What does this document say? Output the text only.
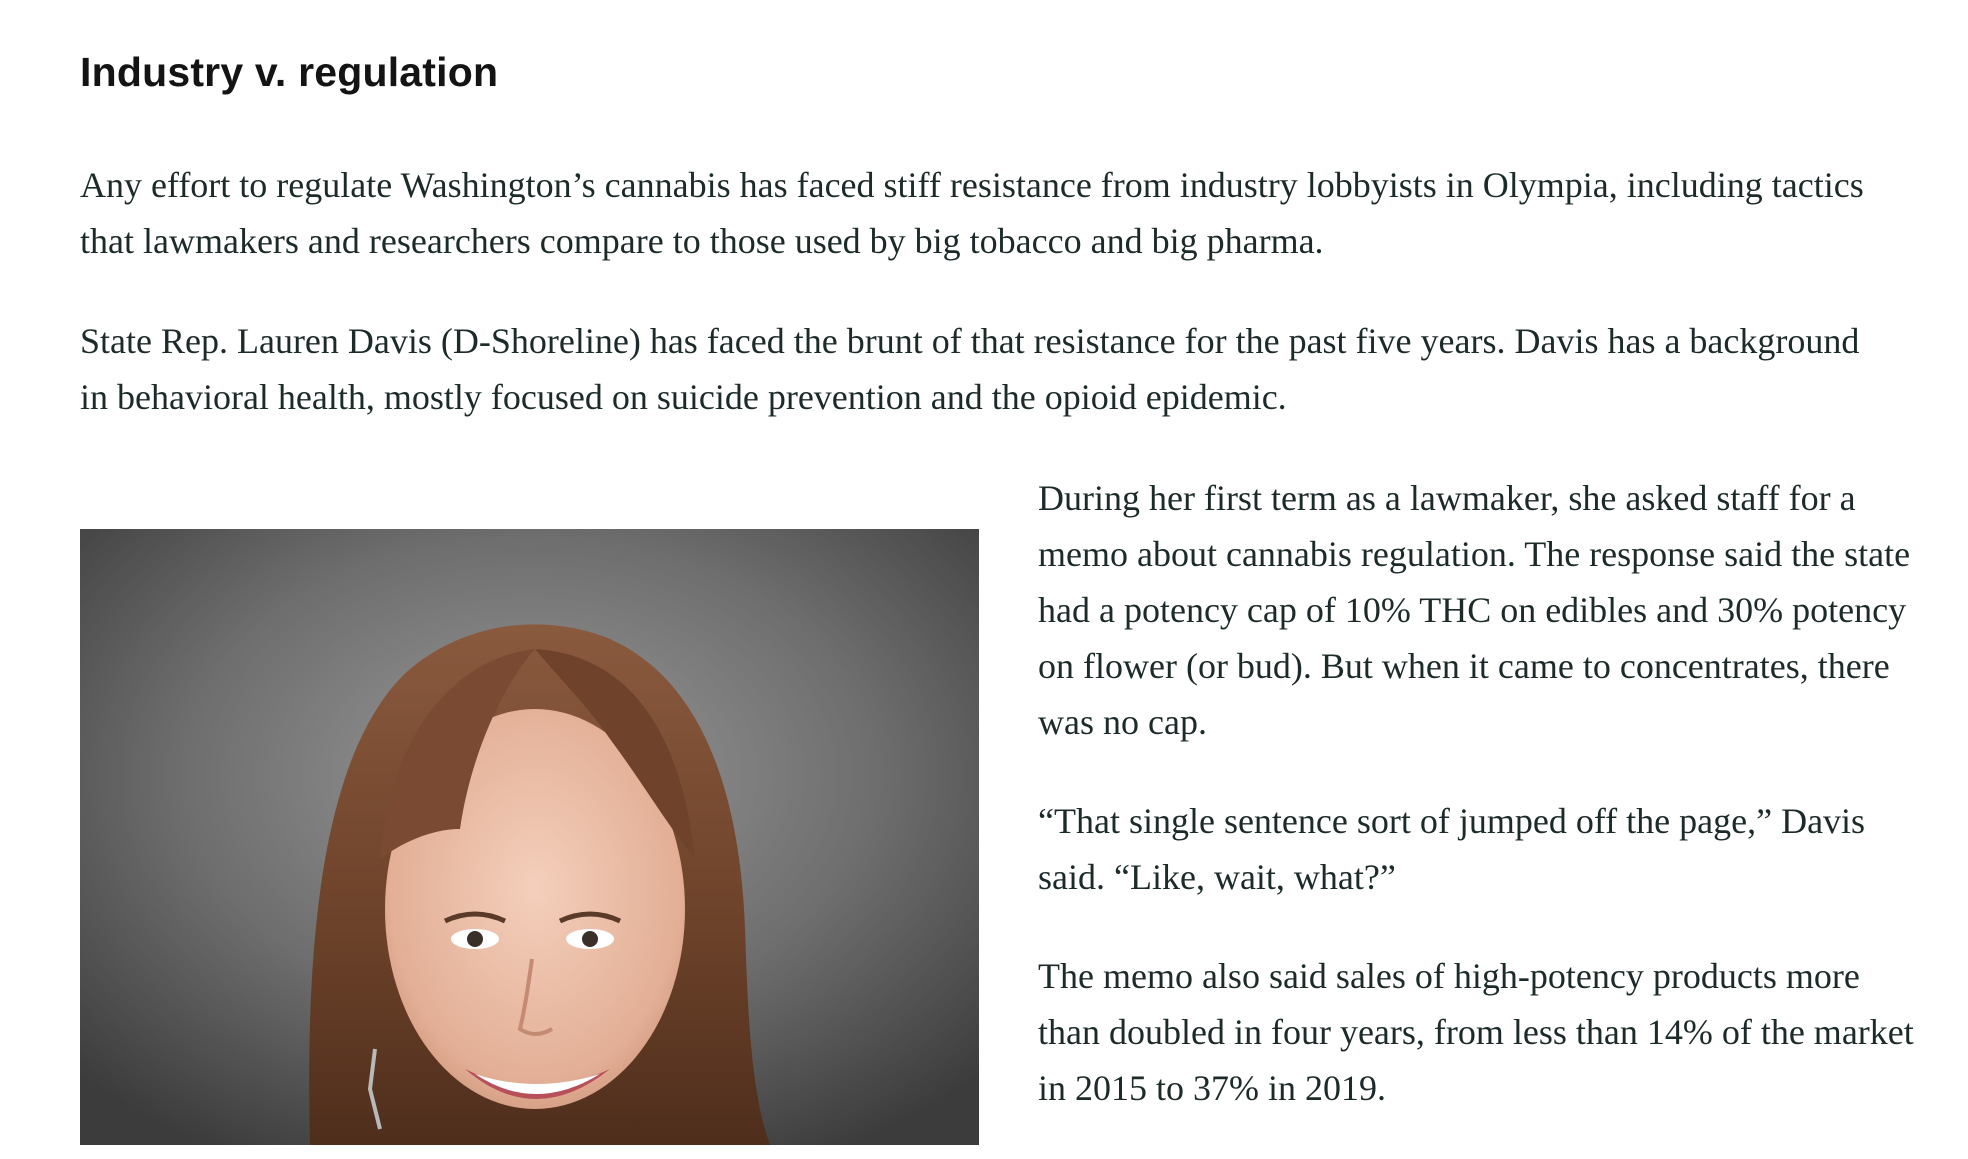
Industry v. regulation

Any effort to regulate Washington’s cannabis has faced stiff resistance from industry lobbyists in Olympia, including tactics that lawmakers and researchers compare to those used by big tobacco and big pharma.

State Rep. Lauren Davis (D-Shoreline) has faced the brunt of that resistance for the past five years. Davis has a background in behavioral health, mostly focused on suicide prevention and the opioid epidemic.

During her first term as a lawmaker, she asked staff for a memo about cannabis regulation. The response said the state had a potency cap of 10% THC on edibles and 30% potency on flower (or bud). But when it came to concentrates, there was no cap.

“That single sentence sort of jumped off the page,” Davis said. “Like, wait, what?”

The memo also said sales of high-potency products more than doubled in four years, from less than 14% of the market in 2015 to 37% in 2019.
